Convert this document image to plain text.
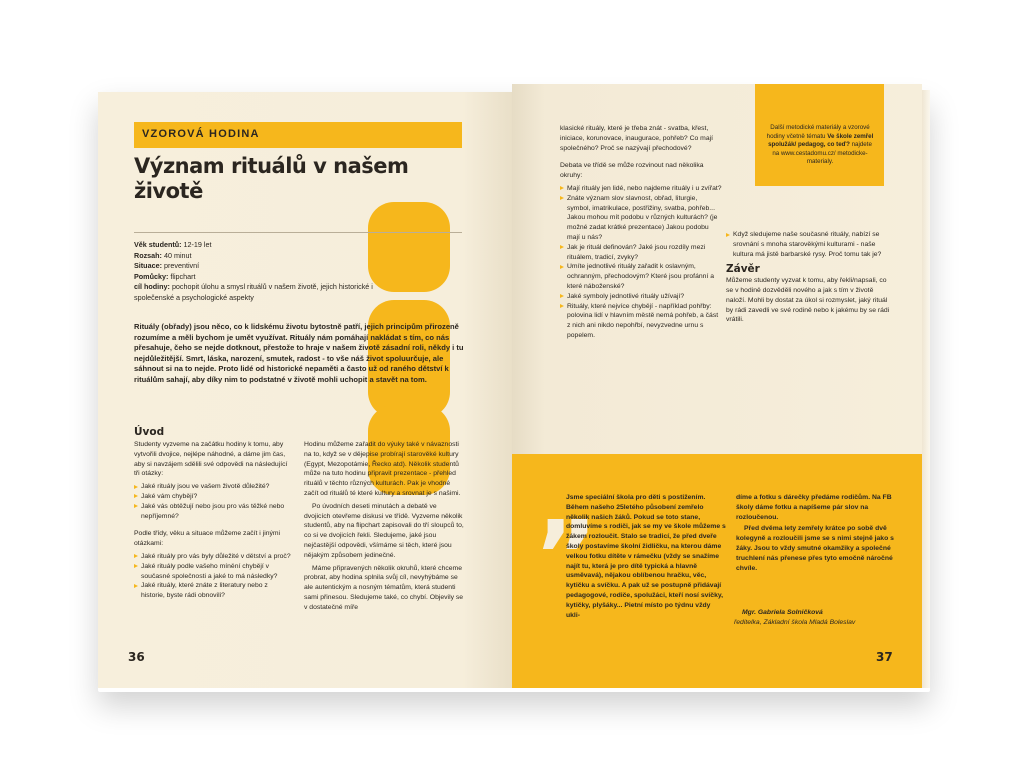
VZOROVÁ HODINA
Význam rituálů v našem životě
Věk studentů: 12-19 let
Rozsah: 40 minut
Situace: preventivní
Pomůcky: flipchart
cíl hodiny: pochopit úlohu a smysl rituálů v našem životě, jejich historické i společenské a psychologické aspekty
Rituály (obřady) jsou něco, co k lidskému životu bytostně patří, jejich principům přirozeně rozumíme a měli bychom je umět využívat. Rituály nám pomáhají nakládat s tím, co nás přesahuje, čeho se nejde dotknout, přestože to hraje v našem životě zásadní roli, někdy i tu nejdůležitější. Smrt, láska, narození, smutek, radost - to vše náš život spoluurčuje, ale sáhnout si na to nejde. Proto lidé od historické nepaměti a často už od raného dětství k rituálům sahají, aby díky nim to podstatné v životě mohli uchopit a stavět na tom.
Úvod

Studenty vyzveme na začátku hodiny k tomu, aby vytvořili dvojice, nejlépe náhodné, a dáme jim čas, aby si navzájem sdělili své odpovědi na následující tři otázky:

Jaké rituály jsou ve vašem životě důležité?
Jaké vám chybějí?
Jaké vás obtěžují nebo jsou pro vás těžké nebo nepříjemné?

Podle třídy, věku a situace můžeme začít i jinými otázkami:

Jaké rituály pro vás byly důležité v dětství a proč?
Jaké rituály podle vašeho mínění chybějí v současné společnosti a jaké to má následky?
Jaké rituály, které znáte z literatury nebo z historie, byste rádi obnovili?

Hodinu můžeme zařadit do výuky také v návaznosti na to, když se v dějepise probírají starověké kultury (Egypt, Mezopotámie, Řecko atd). Několik studentů může na tuto hodinu připravit prezentace - přehled rituálů v těchto různých kulturách. Pak je vhodné začít od rituálů té které kultury a srovnat je s našimi.

Po úvodních deseti minutách a debatě ve dvojicích otevřeme diskusi ve třídě. Vyzveme několik studentů, aby na flipchart zapisovali do tří sloupců to, co si ve dvojicích řekli. Sledujeme, jaké jsou nejčastější odpovědi, všímáme si těch, které jsou nějakým způsobem jedinečné.

Máme připravených několik okruhů, které chceme probrat, aby hodina splnila svůj cíl, nevyhýbáme se ale autentickým a nosným tématům, která studenti sami přinesou. Sledujeme také, co chybí. Objevily se v dostatečné míře

36
Další metodické materiály a vzorové hodiny včetně tématu Ve škole zemřel spolužák/ pedagog, co teď? najdete na www.cestadomu.cz/ metodicke-materialy.

klasické rituály, které je třeba znát - svatba, křest, iniciace, korunovace, inaugurace, pohřeb? Co mají společného? Proč se nazývají přechodové?

Debata ve třídě se může rozvinout nad několika okruhy:

Mají rituály jen lidé, nebo najdeme rituály i u zvířat?
Znáte význam slov slavnost, obřad, liturgie, symbol, imatrikulace, postřižiny, svatba, pohřeb... Jakou mohou mít podobu v různých kulturách? (je možné zadat krátké prezentace) Jakou podobu mají u nás?
Jak je rituál definován? Jaké jsou rozdíly mezi rituálem, tradicí, zvyky?
Umíte jednotlivé rituály zařadit k oslavným, ochranným, přechodovým? Které jsou profánní a které náboženské?
Jaké symboly jednotlivé rituály užívají?
Rituály, které nejvíce chybějí - například pohřby: polovina lidí v hlavním městě nemá pohřeb, a část z nich ani nikdo nepohřbí, nevyzvedne urnu s popelem.
Když sledujeme naše současné rituály, nabízí se srovnání s mnoha starověkými kulturami - naše kultura má jistě barbarské rysy. Proč tomu tak je?
Závěr

Můžeme studenty vyzvat k tomu, aby řekli/napsali, co se v hodině dozvěděli nového a jak s tím v životě naloží. Mohli by dostat za úkol si rozmyslet, jaký rituál by rádi zavedli ve své rodině nebo k jakému by se rádi vrátili.

„
Jsme speciální škola pro děti s postižením. Během našeho 25letého působení zemřelo několik našich žáků. Pokud se toto stane, domluvíme s rodiči, jak se my ve škole můžeme s žákem rozloučit. Stalo se tradicí, že před dveře školy postavíme školní židličku, na kterou dáme velkou fotku dítěte v rámečku (vždy se snažíme najít tu, která je pro dítě typická a hlavně usměvavá), nějakou oblíbenou hračku, věc, kytičku a svíčku. A pak už se postupně přidávají pedagogové, rodiče, spolužáci, kteří nosí svíčky, kytičky, plyšáky... Pietní místo po týdnu vždy ukli-

díme a fotku s dárečky předáme rodičům. Na FB školy dáme fotku a napíšeme pár slov na rozloučenou.

Před dvěma lety zemřely krátce po sobě dvě kolegyně a rozloučili jsme se s nimi stejně jako s žáky. Jsou to vždy smutné okamžiky a společné truchlení nás přenese přes tyto emočně náročné chvíle.

Mgr. Gabriela Solničková
ředitelka, Základní škola Mladá Boleslav
37
